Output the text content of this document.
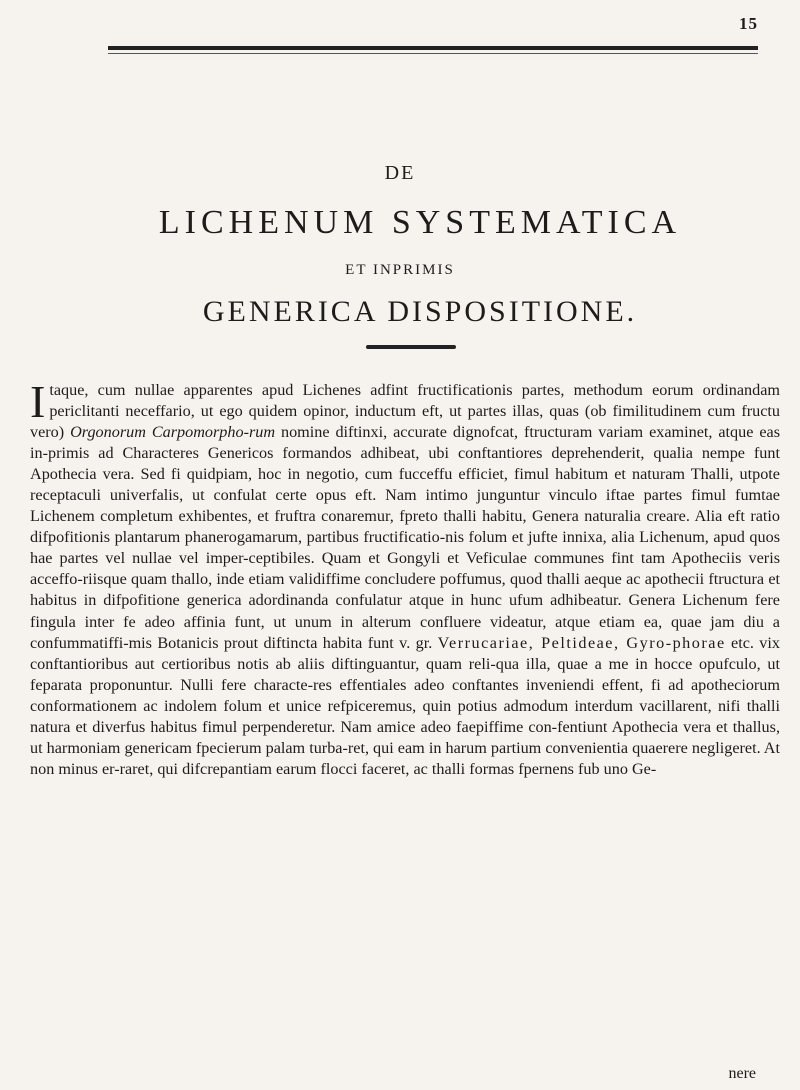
15
DE
LICHENUM SYSTEMATICA
ET INPRIMIS
GENERICA DISPOSITIONE.
Itaque, cum nullae apparentes apud Lichenes adfint fructificationis partes, methodum eorum ordinandam periclitanti neceffario, ut ego quidem opinor, inductum eft, ut partes illas, quas (ob fimilitudinem cum fructu vero) Orgonorum Carpomorpho-rum nomine diftinxi, accurate dignofcat, ftructuram variam examinet, atque eas in-primis ad Characteres Genericos formandos adhibeat, ubi conftantiores deprehenderit, qualia nempe funt Apothecia vera. Sed fi quidpiam, hoc in negotio, cum fucceffu efficiet, fimul habitum et naturam Thalli, utpote receptaculi univerfalis, ut confulat certe opus eft. Nam intimo junguntur vinculo iftae partes fimul fumtae Lichenem completum exhibentes, et fruftra conaremur, fpreto thalli habitu, Genera naturalia creare. Alia eft ratio difpofitionis plantarum phanerogamarum, partibus fructificatio-nis folum et jufte innixa, alia Lichenum, apud quos hae partes vel nullae vel imper-ceptibiles. Quam et Gongyli et Veficulae communes fint tam Apotheciis veris acceffo-riisque quam thallo, inde etiam validiffime concludere poffumus, quod thalli aeque ac apothecii ftructura et habitus in difpofitione generica adordinanda confulatur atque in hunc ufum adhibeatur. Genera Lichenum fere fingula inter fe adeo affinia funt, ut unum in alterum confluere videatur, atque etiam ea, quae jam diu a confummatiffi-mis Botanicis prout diftincta habita funt v. gr. Verrucariae, Peltideae, Gyro-phorae etc. vix conftantioribus aut certioribus notis ab aliis diftinguantur, quam reli-qua illa, quae a me in hocce opufculo, ut feparata proponuntur. Nulli fere characte-res effentiales adeo conftantes inveniendi effent, fi ad apotheciorum conformationem ac indolem folum et unice refpiceremus, quin potius admodum interdum vacillarent, nifi thalli natura et diverfus habitus fimul perpenderetur. Nam amice adeo faepiffime con-fentiunt Apothecia vera et thallus, ut harmoniam genericam fpecierum palam turba-ret, qui eam in harum partium convenientia quaerere negligeret. At non minus er-raret, qui difcrepantiam earum flocci faceret, ac thalli formas fpernens fub uno Ge-
nere
